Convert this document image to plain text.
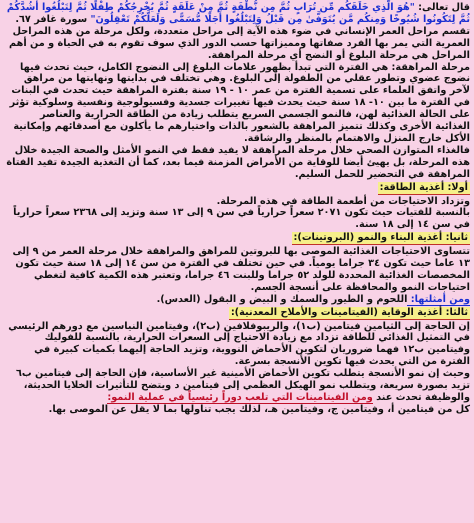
قال تعالى: "هُوَ الَّذِي خَلَقَكُم مِّن تُرَابٍ ثُمَّ مِن نُّطْفَةٍ ثُمَّ مِنْ عَلَقَةٍ ثُمَّ يُخْرِجُكُمْ طِفْلًا ثُمَّ لِتَبْلُغُوا أَشُدَّكُمْ ثُمَّ لِتَكُونُوا شُيُوخًا وَمِنكُم مَّن يُتَوَفَّىٰ مِن قَبْلُ وَلِتَبْلُغُوا أَجَلًا مُّسَمًّى وَلَعَلَّكُمْ تَعْقِلُونَ" سورة غافر ٦٧.

تقسم مراحل العمر الإنساني في ضوء هذه الآية إلى مراحل متعددة، ولكل مرحلة من هذه المراحل العمرية التي يمر بها الفرد صفاتها ومميزاتها حسب الدور الذي سوف تقوم به في الحياة و من أهم المراحل هي مرحلة البلوغ أو النضج أي مرحلة المراهقة.

مرحلة المراهقة: هي الفترة التي تبدأ بظهور علامات البلوغ إلى النضوج الكامل، حيث تحدث فيها نضوج عضوي وتطور عقلي من الطفولة إلى البلوغ. وهي تختلف في بدايتها ونهايتها من مراهق لآخر واتفق العلماء على تسمية الفترة من عمر ١٠ - ١٩ سنة بفترة المراهقة حيث تحدث في البنات في الفترة ما بين ١٠- ١٨ سنة حيث يحدث فيها تغييرات جسدية وفسيولوجية ونفسية وسلوكية تؤثر على الحالة الغذائية لهن، فالنمو الجسمي السريع يتطلب زيادة من الطاقة الحرارية والعناصر الغذائية الأخرى وكذلك تتميز المراهقة بالشعور بالذات واختيارهم ما يأكلون مع أصدقائهم وإمكانية الأكل خارج المنزل والاهتمام بالمنظر والرشاقة.

فالغذاء المتوازن الصحي خلال مرحلة المراهقة لا يفيد فقط في النمو الأمثل والصحة الجيدة خلال هذه المرحلة، بل يهيئ أيضا للوقاية من الأمراض المزمنة فيما بعد، كما أن التغذية الجيدة تفيد الفتاة المراهقة في التحضير للحمل السليم.

أولا: أغذية الطاقة:

وتزداد الاحتياجات من أطعمة الطاقة في هذه المرحلة.

بالنسبة للفتيات حيث تكون ٢٠٧١ سعراً حرارياً في سن ٩ إلى ١٣ سنة وتزيد إلى ٢٣٦٨ سعراً حرارياً في سن ١٤ إلى ١٨ سنة.

ثانيا: أغذية البناء والنمو (البروتينات):

تتساوى الاحتياجات الغذائية الموصى بها للبروتين للمراهق والمراهقة خلال مرحلة العمر من ٩ إلى ١٣ عاما حيث تكون ٣٤ جراما يومياً. في حين تختلف في الفترة من سن ١٤ إلى ١٨ سنة حيث تكون المخصصات الغذائية المحددة للولد ٥٢ جراما وللبنت ٤٦ جراما، وتعتبر هذه الكمية كافية لتغطي احتياجات النمو والمحافظة على أنسجة الجسم.

ومن أمثلتها: اللحوم و الطيور والسمك و البيض و البقول (العدس).

ثالثا: أغذية الوقاية (الفيتامينات والأملاح المعدنية):

إن الحاجة إلى الثيامين فيتامين (ب١)، والريبوفلافين (ب٢)، وفيتامين النياسين مع دورهم الرئيسي في التمثيل الغذائي للطاقة تزداد مع زيادة الاحتياج إلى السعرات الحرارية، بالنسبة للفوليك وفيتامين ب١٢ فهما ضروريان لتكوين الأحماض النووية، وتزيد الحاجة إليهما بكميات كبيرة في الفترة من التي يحدث فيها تكوين الأنسجة بسرعة.

وحيث إن نمو الأنسجة يتطلب تكوين الأحماض الأمينية غير الأساسية، فإن الحاجة إلى فيتامين ب٦ تزيد بصورة سريعة، ويتطلب نمو الهيكل العظمي إلى فيتامين د ويتضح للتأثيرات الخلايا الحديثة، والوظيفة تحدث عند ومن الفيتامينات التي تلعب دوراً رئيسياً في عملية النمو:

كل من فيتامين أ، وفيتامين ج، وفيتامين هـ، لذلك يجب تناولها بما لا يقل عن الموصى بها.
